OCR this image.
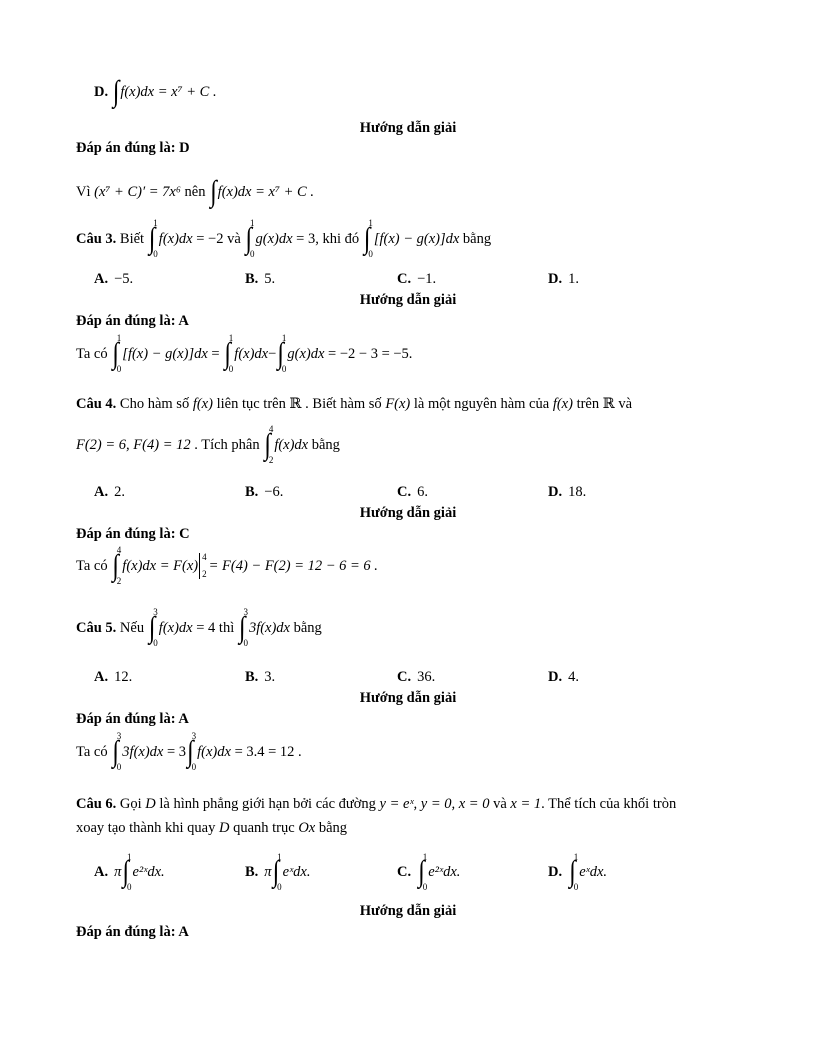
D.
∫ f(x)dx
= x⁷ + C .
Hướng dẫn giải
Đáp án đúng là: D
Vì
(x⁷ + C)′ = 7x⁶
nên
∫ f(x)dx
= x⁷ + C .
Câu 3.
Biết
∫
1
0
f(x)dx
= −2
và
∫
1
0
g(x)dx
= 3, khi đó
∫
1
0
[f(x) − g(x)]dx
bằng
A. −5.	B. 5.	C. −1.	D. 1.
Hướng dẫn giải
Đáp án đúng là: A
Ta có
∫
1
0
[f(x) − g(x)]dx = ∫
1
0
f(x)dx − ∫
1
0
g(x)dx
= −2 − 3 = −5.
Câu 4.
Cho hàm số
f(x)
liên tục trên
ℝ
. Biết hàm số
F(x)
là một nguyên hàm của
f(x)
trên
ℝ
và
F(2) = 6, F(4) = 12
. Tích phân
∫
4
2
f(x)dx
bằng
A. 2.	B. −6.	C. 6.	D. 18.
Hướng dẫn giải
Đáp án đúng là: C
Ta có
∫
4
2
f(x)dx
= F(x)
4
2
= F(4) − F(2) = 12 − 6 = 6 .
Câu 5.
Nếu
∫
3
0
f(x)dx
= 4
thì
∫
3
0
3f(x)dx
bằng
A. 12.	B. 3.	C. 36.	D. 4.
Hướng dẫn giải
Đáp án đúng là: A
Ta có
∫
3
0
3f(x)dx
= 3 ∫
3
0
f(x)dx
= 3.4 = 12 .
Câu 6.
Gọi
D
là hình phẳng giới hạn bởi các đường
y = eˣ, y = 0, x = 0
và
x = 1 . Thể tích của khối tròn
xoay tạo thành khi quay
D
quanh trục
Ox
bằng
A. π ∫
1
0
e²ˣdx.	B. π ∫
1
0
eˣdx.	C. ∫
1
0
e²ˣdx.	D. ∫
1
0
eˣdx.
Hướng dẫn giải
Đáp án đúng là: A
